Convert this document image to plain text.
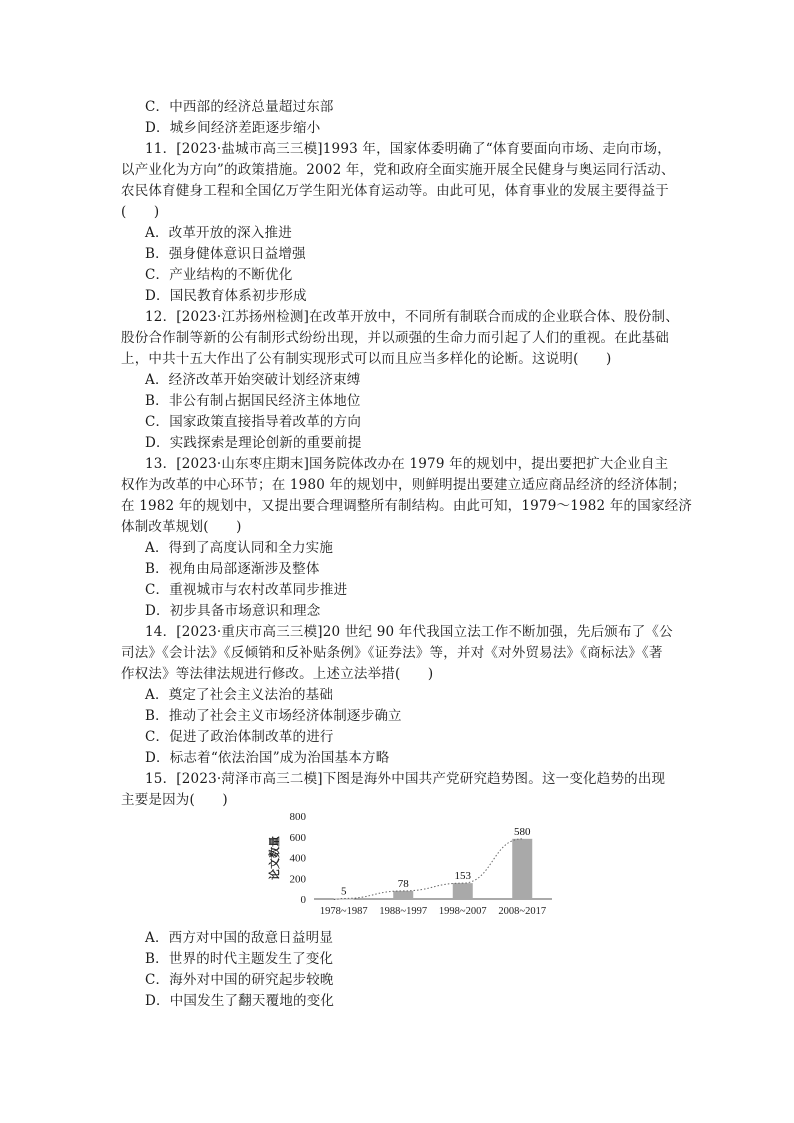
C．中西部的经济总量超过东部
D．城乡间经济差距逐步缩小
11．[2023·盐城市高三三模]1993 年，国家体委明确了“体育要面向市场、走向市场，
以产业化为方向”的政策措施。2002 年，党和政府全面实施开展全民健身与奥运同行活动、
农民体育健身工程和全国亿万学生阳光体育运动等。由此可见，体育事业的发展主要得益于
(　　)
A．改革开放的深入推进
B．强身健体意识日益增强
C．产业结构的不断优化
D．国民教育体系初步形成
12．[2023·江苏扬州检测]在改革开放中，不同所有制联合而成的企业联合体、股份制、
股份合作制等新的公有制形式纷纷出现，并以顽强的生命力而引起了人们的重视。在此基础
上，中共十五大作出了公有制实现形式可以而且应当多样化的论断。这说明(　　)
A．经济改革开始突破计划经济束缚
B．非公有制占据国民经济主体地位
C．国家政策直接指导着改革的方向
D．实践探索是理论创新的重要前提
13．[2023·山东枣庄期末]国务院体改办在 1979 年的规划中，提出要把扩大企业自主
权作为改革的中心环节；在 1980 年的规划中，则鲜明提出要建立适应商品经济的经济体制；
在 1982 年的规划中，又提出要合理调整所有制结构。由此可知，1979～1982 年的国家经济
体制改革规划(　　)
A．得到了高度认同和全力实施
B．视角由局部逐渐涉及整体
C．重视城市与农村改革同步推进
D．初步具备市场意识和理念
14．[2023·重庆市高三三模]20 世纪 90 年代我国立法工作不断加强，先后颁布了《公
司法》《会计法》《反倾销和反补贴条例》《证券法》等，并对《对外贸易法》《商标法》《著
作权法》等法律法规进行修改。上述立法举措(　　)
A．奠定了社会主义法治的基础
B．推动了社会主义市场经济体制逐步确立
C．促进了政治体制改革的进行
D．标志着“依法治国”成为治国基本方略
15．[2023·菏泽市高三二模]下图是海外中国共产党研究趋势图。这一变化趋势的出现
主要是因为(　　)
论文数量
0
200
400
600
800
5
1978~1987
78
1988~1997
153
1998~2007
580
2008~2017
A．西方对中国的敌意日益明显
B．世界的时代主题发生了变化
C．海外对中国的研究起步较晚
D．中国发生了翻天覆地的变化
